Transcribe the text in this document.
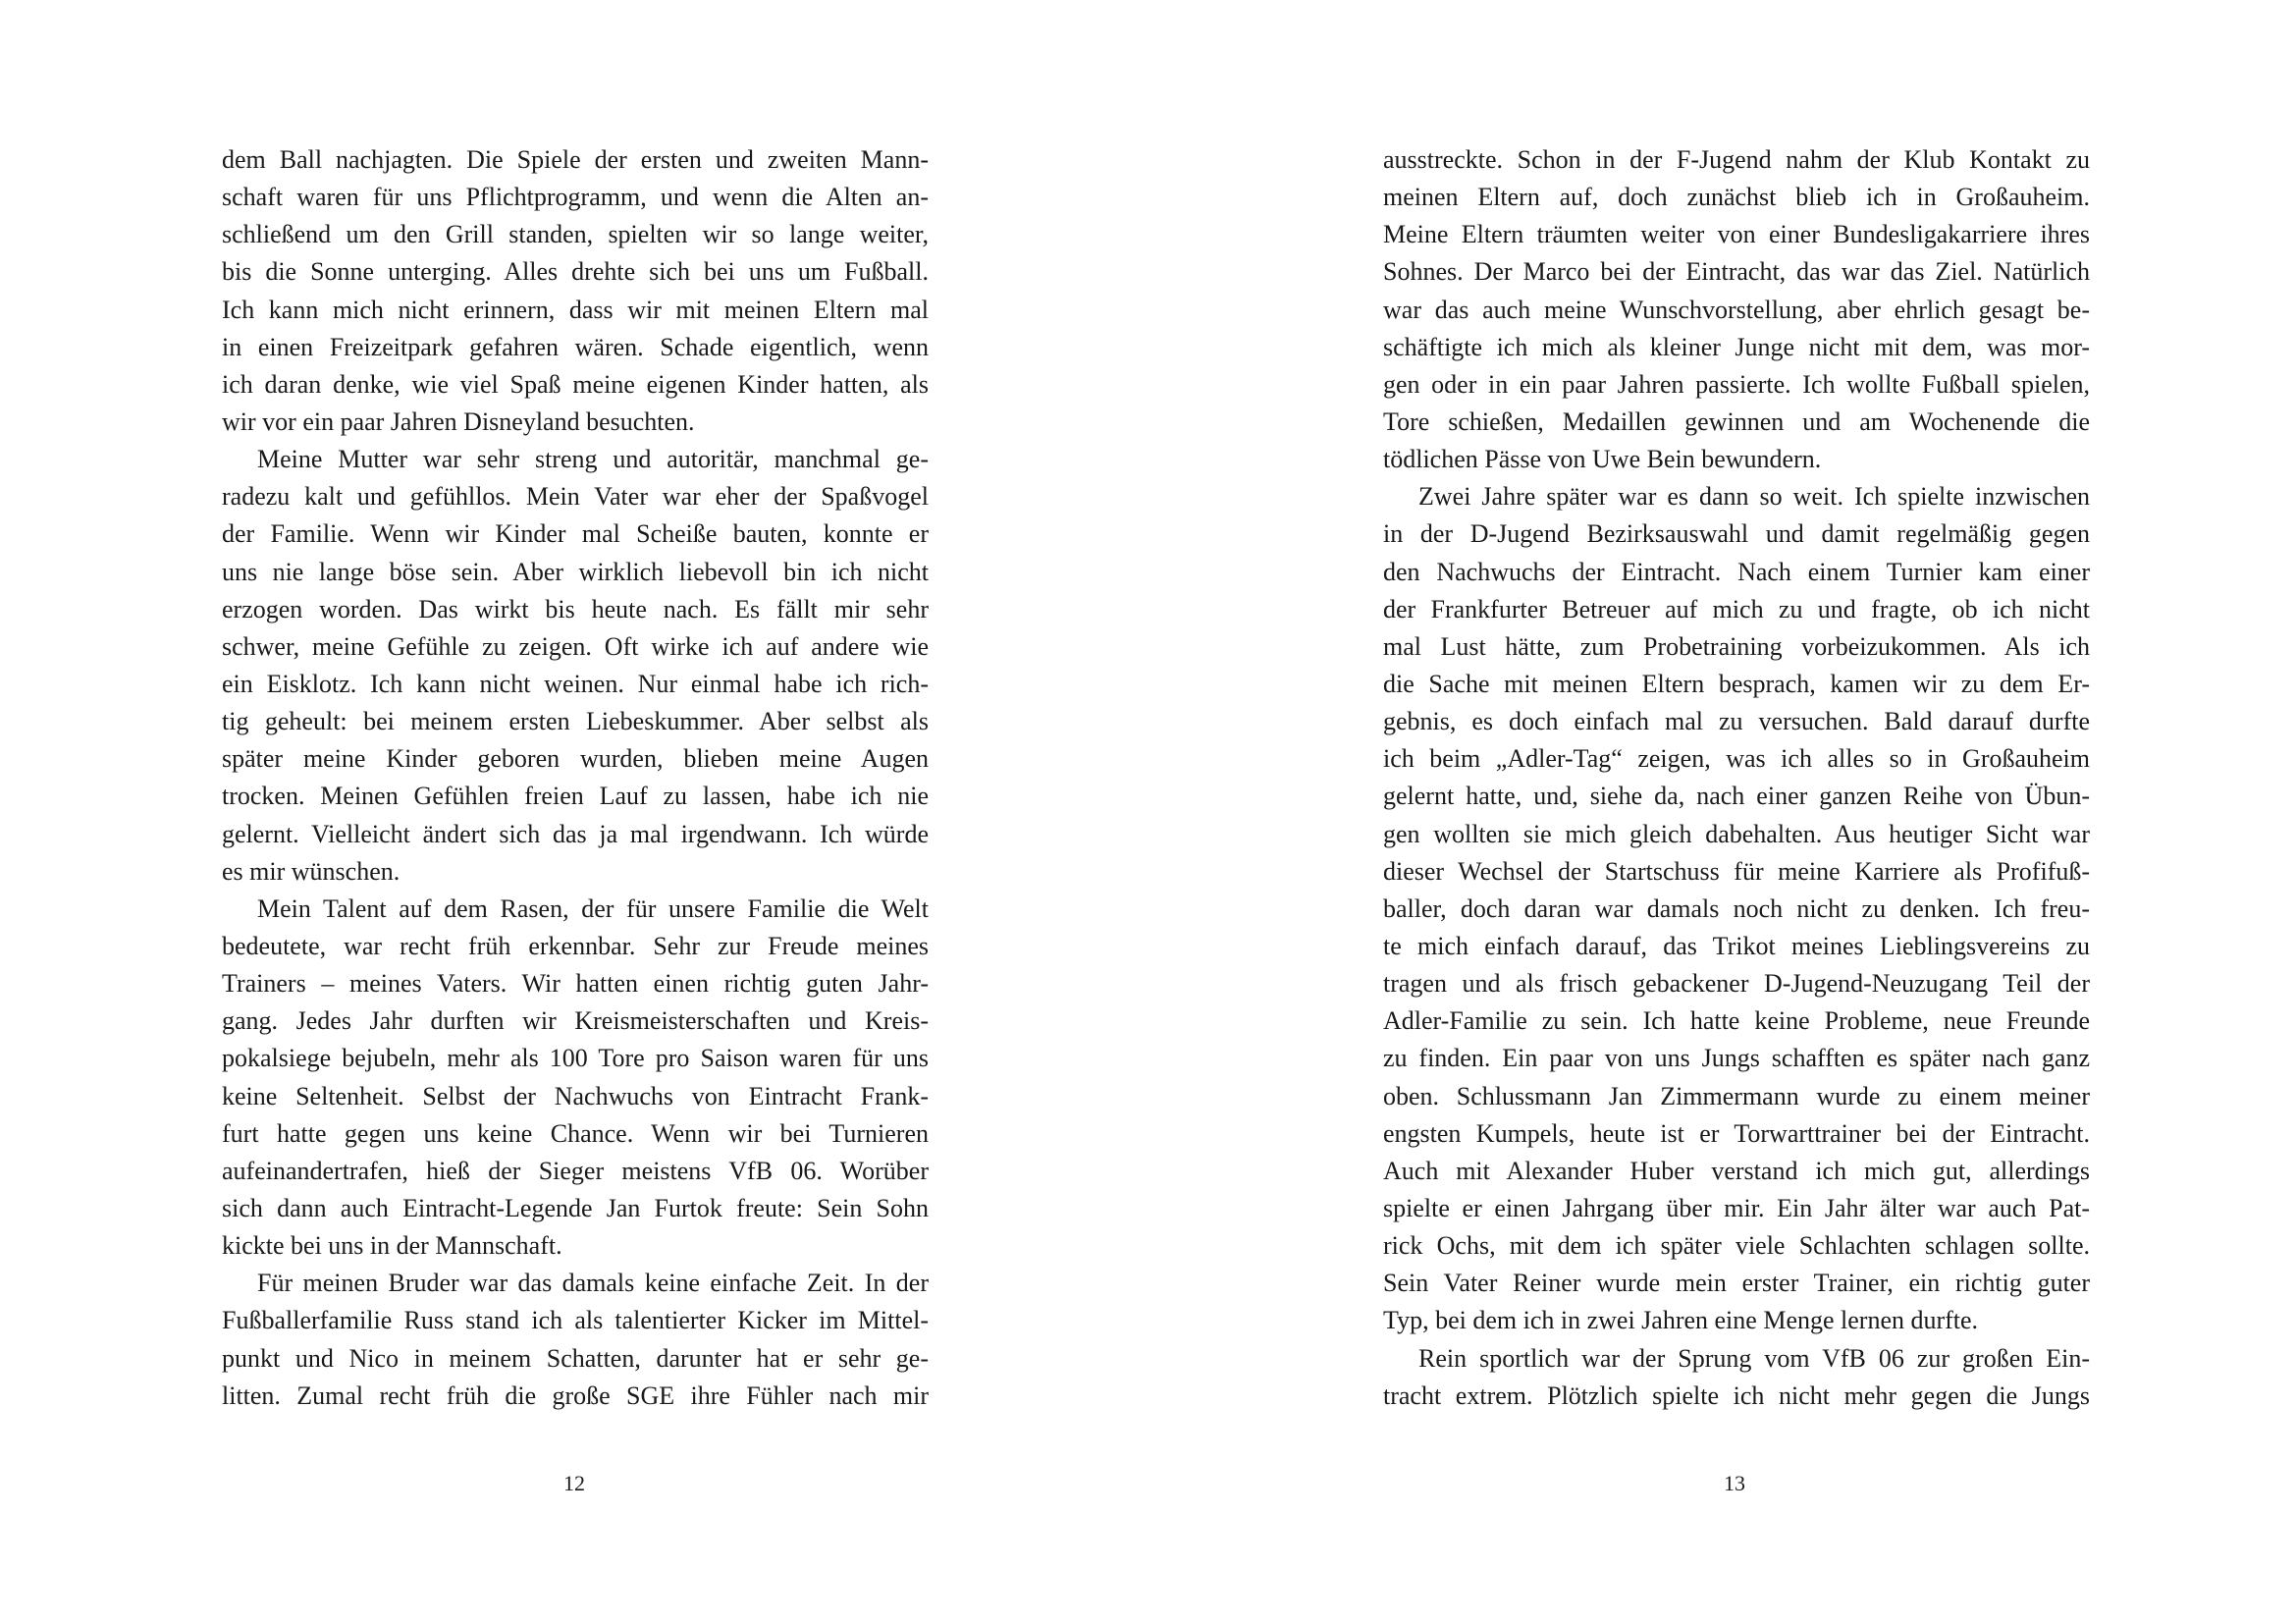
dem Ball nachjagten. Die Spiele der ersten und zweiten Mann-
schaft waren für uns Pflichtprogramm, und wenn die Alten an-
schließend um den Grill standen, spielten wir so lange weiter,
bis die Sonne unterging. Alles drehte sich bei uns um Fußball.
Ich kann mich nicht erinnern, dass wir mit meinen Eltern mal
in einen Freizeitpark gefahren wären. Schade eigentlich, wenn
ich daran denke, wie viel Spaß meine eigenen Kinder hatten, als
wir vor ein paar Jahren Disneyland besuchten.
Meine Mutter war sehr streng und autoritär, manchmal ge-
radezu kalt und gefühllos. Mein Vater war eher der Spaßvogel
der Familie. Wenn wir Kinder mal Scheiße bauten, konnte er
uns nie lange böse sein. Aber wirklich liebevoll bin ich nicht
erzogen worden. Das wirkt bis heute nach. Es fällt mir sehr
schwer, meine Gefühle zu zeigen. Oft wirke ich auf andere wie
ein Eisklotz. Ich kann nicht weinen. Nur einmal habe ich rich-
tig geheult: bei meinem ersten Liebeskummer. Aber selbst als
später meine Kinder geboren wurden, blieben meine Augen
trocken. Meinen Gefühlen freien Lauf zu lassen, habe ich nie
gelernt. Vielleicht ändert sich das ja mal irgendwann. Ich würde
es mir wünschen.
Mein Talent auf dem Rasen, der für unsere Familie die Welt
bedeutete, war recht früh erkennbar. Sehr zur Freude meines
Trainers – meines Vaters. Wir hatten einen richtig guten Jahr-
gang. Jedes Jahr durften wir Kreismeisterschaften und Kreis-
pokalsiege bejubeln, mehr als 100 Tore pro Saison waren für uns
keine Seltenheit. Selbst der Nachwuchs von Eintracht Frank-
furt hatte gegen uns keine Chance. Wenn wir bei Turnieren
aufeinandertrafen, hieß der Sieger meistens VfB 06. Worüber
sich dann auch Eintracht-Legende Jan Furtok freute: Sein Sohn
kickte bei uns in der Mannschaft.
Für meinen Bruder war das damals keine einfache Zeit. In der
Fußballerfamilie Russ stand ich als talentierter Kicker im Mittel-
punkt und Nico in meinem Schatten, darunter hat er sehr ge-
litten. Zumal recht früh die große SGE ihre Fühler nach mir
12
ausstreckte. Schon in der F-Jugend nahm der Klub Kontakt zu
meinen Eltern auf, doch zunächst blieb ich in Großauheim.
Meine Eltern träumten weiter von einer Bundesligakarriere ihres
Sohnes. Der Marco bei der Eintracht, das war das Ziel. Natürlich
war das auch meine Wunschvorstellung, aber ehrlich gesagt be-
schäftigte ich mich als kleiner Junge nicht mit dem, was mor-
gen oder in ein paar Jahren passierte. Ich wollte Fußball spielen,
Tore schießen, Medaillen gewinnen und am Wochenende die
tödlichen Pässe von Uwe Bein bewundern.
Zwei Jahre später war es dann so weit. Ich spielte inzwischen
in der D-Jugend Bezirksauswahl und damit regelmäßig gegen
den Nachwuchs der Eintracht. Nach einem Turnier kam einer
der Frankfurter Betreuer auf mich zu und fragte, ob ich nicht
mal Lust hätte, zum Probetraining vorbeizukommen. Als ich
die Sache mit meinen Eltern besprach, kamen wir zu dem Er-
gebnis, es doch einfach mal zu versuchen. Bald darauf durfte
ich beim „Adler-Tag“ zeigen, was ich alles so in Großauheim
gelernt hatte, und, siehe da, nach einer ganzen Reihe von Übun-
gen wollten sie mich gleich dabehalten. Aus heutiger Sicht war
dieser Wechsel der Startschuss für meine Karriere als Profifuß-
baller, doch daran war damals noch nicht zu denken. Ich freu-
te mich einfach darauf, das Trikot meines Lieblingsvereins zu
tragen und als frisch gebackener D-Jugend-Neuzugang Teil der
Adler-Familie zu sein. Ich hatte keine Probleme, neue Freunde
zu finden. Ein paar von uns Jungs schafften es später nach ganz
oben. Schlussmann Jan Zimmermann wurde zu einem meiner
engsten Kumpels, heute ist er Torwarttrainer bei der Eintracht.
Auch mit Alexander Huber verstand ich mich gut, allerdings
spielte er einen Jahrgang über mir. Ein Jahr älter war auch Pat-
rick Ochs, mit dem ich später viele Schlachten schlagen sollte.
Sein Vater Reiner wurde mein erster Trainer, ein richtig guter
Typ, bei dem ich in zwei Jahren eine Menge lernen durfte.
Rein sportlich war der Sprung vom VfB 06 zur großen Ein-
tracht extrem. Plötzlich spielte ich nicht mehr gegen die Jungs
13
